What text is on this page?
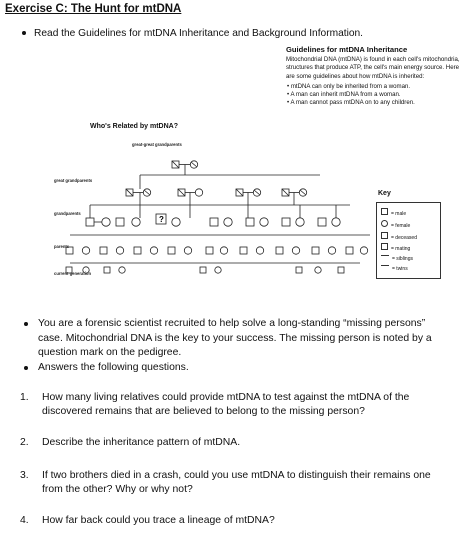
Exercise C: The Hunt for mtDNA
Read the Guidelines for mtDNA Inheritance and Background Information.
Guidelines for mtDNA Inheritance

Mitochondrial DNA (mtDNA) is found in each cell's mitochondria, structures that produce ATP, the cell's main energy source. Here are some guidelines about how mtDNA is inherited:

• mtDNA can only be inherited from a woman.
• A man can inherit mtDNA from a woman.
• A man cannot pass mtDNA on to any children.
Who's Related by mtDNA?
great-great grandparents
great grandparents
grandparents
parents
current generation
?
Key
= male
= female
= deceased
= mating
= siblings
= twins
You are a forensic scientist recruited to help solve a long-standing “missing persons” case. Mitochondrial DNA is the key to your success. The missing person is noted by a question mark on the pedigree.
Answers the following questions.
1. How many living relatives could provide mtDNA to test against the mtDNA of the discovered remains that are believed to belong to the missing person?
2. Describe the inheritance pattern of mtDNA.
3. If two brothers died in a crash, could you use mtDNA to distinguish their remains one from the other? Why or why not?
4. How far back could you trace a lineage of mtDNA?
